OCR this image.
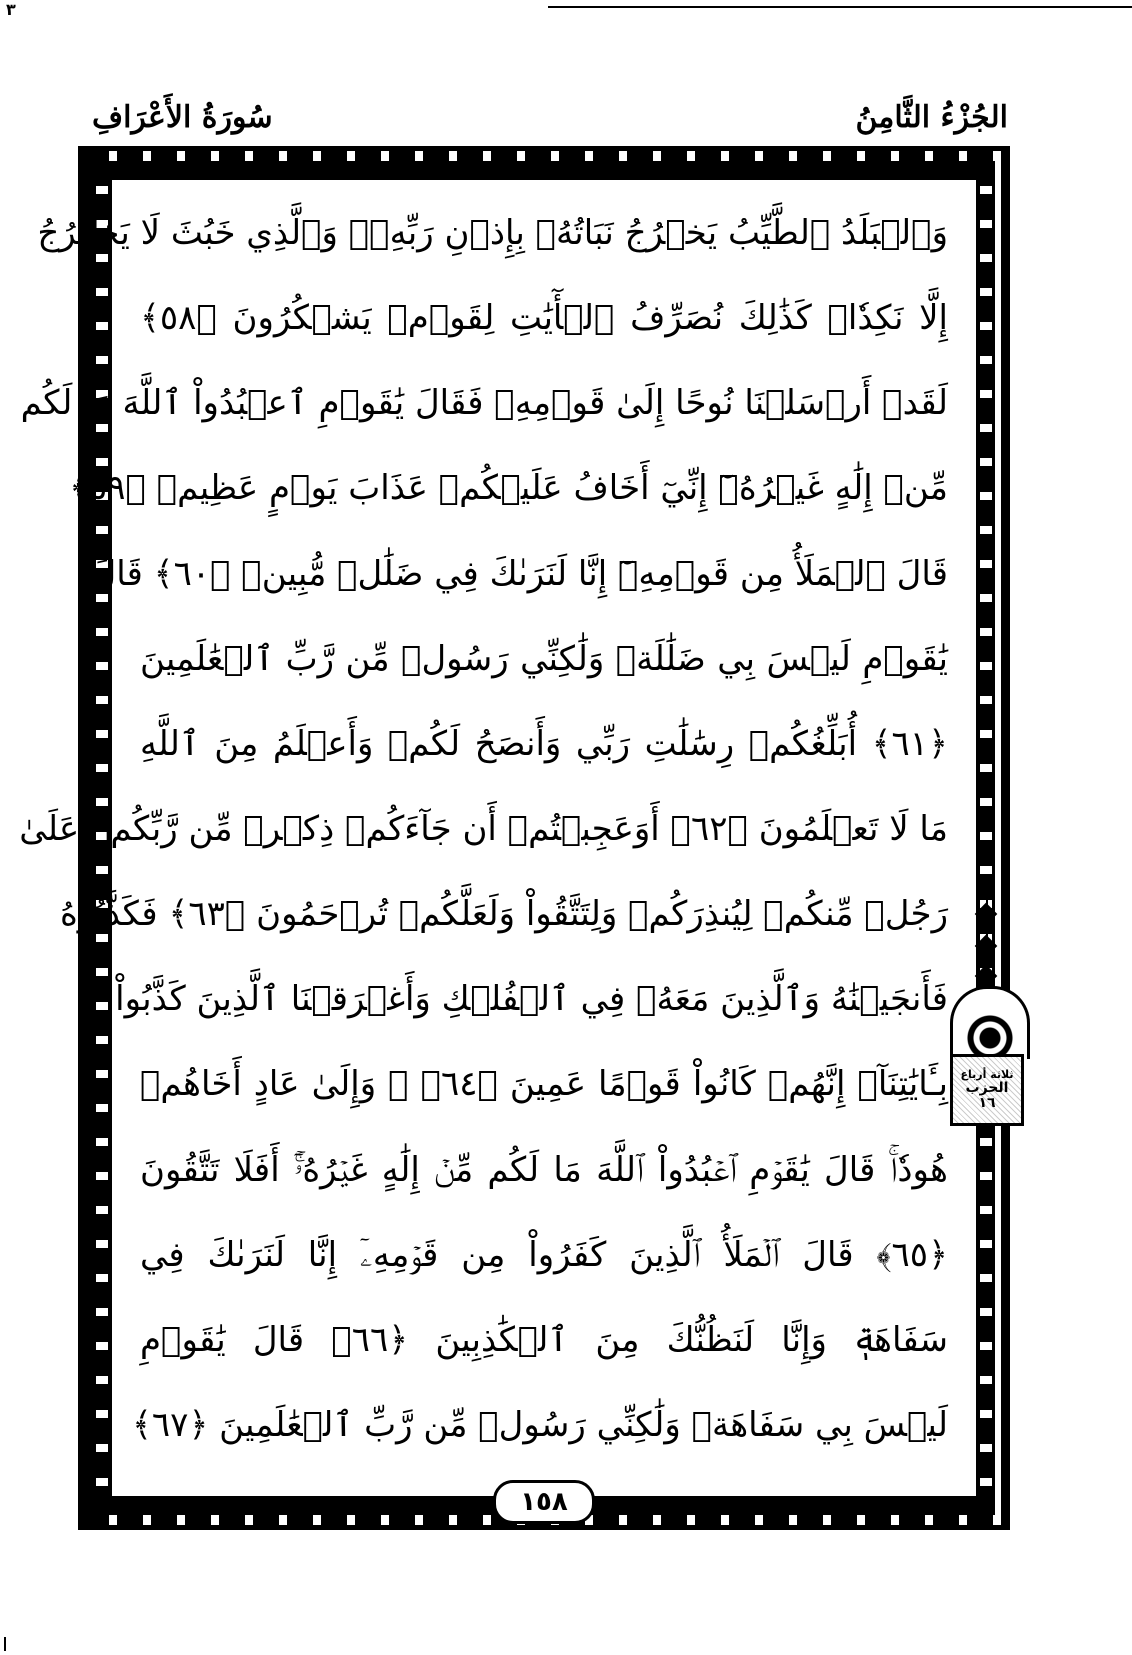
٣
سُورَةُ الأَعْرَافِ	الجُزْءُ الثَّامِنُ
وَٱلۡبَلَدُ ٱلطَّيِّبُ يَخۡرُجُ نَبَاتُهُۥ بِإِذۡنِ رَبِّهِۦۖ وَٱلَّذِي خَبُثَ لَا يَخۡرُجُ
إِلَّا نَكِدٗاۚ كَذَٰلِكَ نُصَرِّفُ ٱلۡأٓيَٰتِ لِقَوۡمٖ يَشۡكُرُونَ ﴿٥٨﴾
لَقَدۡ أَرۡسَلۡنَا نُوحًا إِلَىٰ قَوۡمِهِۦ فَقَالَ يَٰقَوۡمِ ٱعۡبُدُواْ ٱللَّهَ مَا لَكُم
مِّنۡ إِلَٰهٍ غَيۡرُهُۥٓ إِنِّيٓ أَخَافُ عَلَيۡكُمۡ عَذَابَ يَوۡمٍ عَظِيمٖ ﴿٥٩﴾
قَالَ ٱلۡمَلَأُ مِن قَوۡمِهِۦٓ إِنَّا لَنَرَىٰكَ فِي ضَلَٰلٖ مُّبِينٖ ﴿٦٠﴾ قَالَ
يَٰقَوۡمِ لَيۡسَ بِي ضَلَٰلَةٞ وَلَٰكِنِّي رَسُولٞ مِّن رَّبِّ ٱلۡعَٰلَمِينَ
﴿٦١﴾ أُبَلِّغُكُمۡ رِسَٰلَٰتِ رَبِّي وَأَنصَحُ لَكُمۡ وَأَعۡلَمُ مِنَ ٱللَّهِ
مَا لَا تَعۡلَمُونَ ﴿٦٢﴾ أَوَعَجِبۡتُمۡ أَن جَآءَكُمۡ ذِكۡرٞ مِّن رَّبِّكُمۡ عَلَىٰ
رَجُلٖ مِّنكُمۡ لِيُنذِرَكُمۡ وَلِتَتَّقُواْ وَلَعَلَّكُمۡ تُرۡحَمُونَ ﴿٦٣﴾ فَكَذَّبُوهُ
فَأَنجَيۡنَٰهُ وَٱلَّذِينَ مَعَهُۥ فِي ٱلۡفُلۡكِ وَأَغۡرَقۡنَا ٱلَّذِينَ كَذَّبُواْ
بِـَٔايَٰتِنَآۚ إِنَّهُمۡ كَانُواْ قَوۡمًا عَمِينَ ﴿٦٤﴾ ۞ وَإِلَىٰ عَادٍ أَخَاهُمۡ
هُودٗاۚ قَالَ يَٰقَوۡمِ ٱعۡبُدُواْ ٱللَّهَ مَا لَكُم مِّنۡ إِلَٰهٍ غَيۡرُهُۥٓۚ أَفَلَا تَتَّقُونَ
﴿٦٥﴾ قَالَ ٱلۡمَلَأُ ٱلَّذِينَ كَفَرُواْ مِن قَوۡمِهِۦٓ إِنَّا لَنَرَىٰكَ فِي
سَفَاهَةٖ وَإِنَّا لَنَظُنُّكَ مِنَ ٱلۡكَٰذِبِينَ ﴿٦٦﴾ قَالَ يَٰقَوۡمِ
لَيۡسَ بِي سَفَاهَةٞ وَلَٰكِنِّي رَسُولٞ مِّن رَّبِّ ٱلۡعَٰلَمِينَ ﴿٦٧﴾
١٥٨
ثلاثة أرباع
الحزب
١٦
